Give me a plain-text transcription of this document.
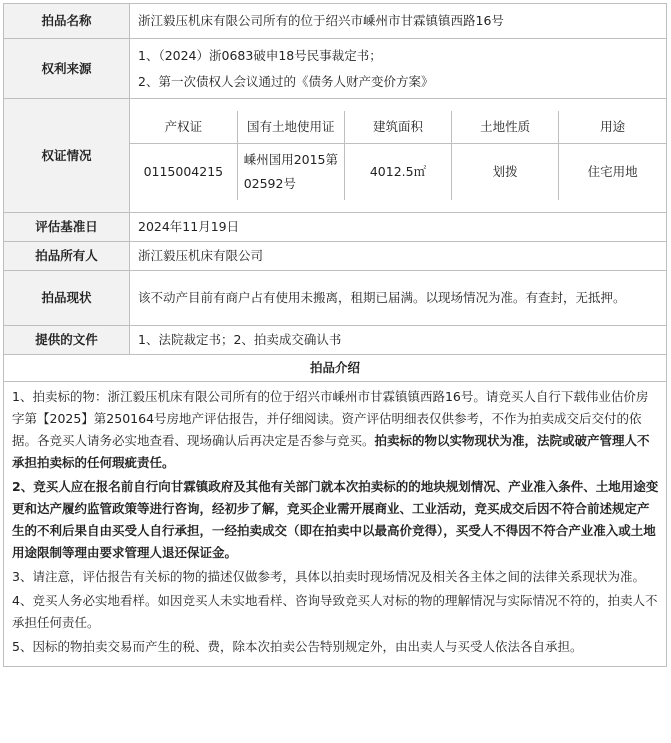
拍品名称	浙江毅压机床有限公司所有的位于绍兴市嵊州市甘霖镇镇西路16号
权利来源	
1、（2024）浙0683破申18号民事裁定书；
2、第一次债权人会议通过的《债务人财产变价方案》

权证情况	
产权证	国有土地使用证	建筑面积	土地性质	用途
0115004215	嵊州国用2015第02592号	4012.5㎡	划拨	住宅用地

评估基准日	2024年11月19日
拍品所有人	浙江毅压机床有限公司
拍品现状	该不动产目前有商户占有使用未搬离，租期已届满。以现场情况为准。有查封，无抵押。
提供的文件	1、法院裁定书；2、拍卖成交确认书
拍品介绍

1、拍卖标的物：浙江毅压机床有限公司所有的位于绍兴市嵊州市甘霖镇镇西路16号。请竞买人自行下载伟业估价房字第【2025】第250164号房地产评估报告，并仔细阅读。资产评估明细表仅供参考，不作为拍卖成交后交付的依据。各竞买人请务必实地查看、现场确认后再决定是否参与竞买。拍卖标的物以实物现状为准，法院或破产管理人不承担拍卖标的任何瑕疵责任。

2、竞买人应在报名前自行向甘霖镇政府及其他有关部门就本次拍卖标的的地块规划情况、产业准入条件、土地用途变更和达产履约监管政策等进行咨询，经初步了解，竞买企业需开展商业、工业活动，竞买成交后因不符合前述规定产生的不利后果自由买受人自行承担，一经拍卖成交（即在拍卖中以最高价竞得），买受人不得因不符合产业准入或土地用途限制等理由要求管理人退还保证金。

3、请注意，评估报告有关标的物的描述仅做参考，具体以拍卖时现场情况及相关各主体之间的法律关系现状为准。

4、竞买人务必实地看样。如因竞买人未实地看样、咨询导致竞买人对标的物的理解情况与实际情况不符的，拍卖人不承担任何责任。

5、因标的物拍卖交易而产生的税、费，除本次拍卖公告特别规定外，由出卖人与买受人依法各自承担。
